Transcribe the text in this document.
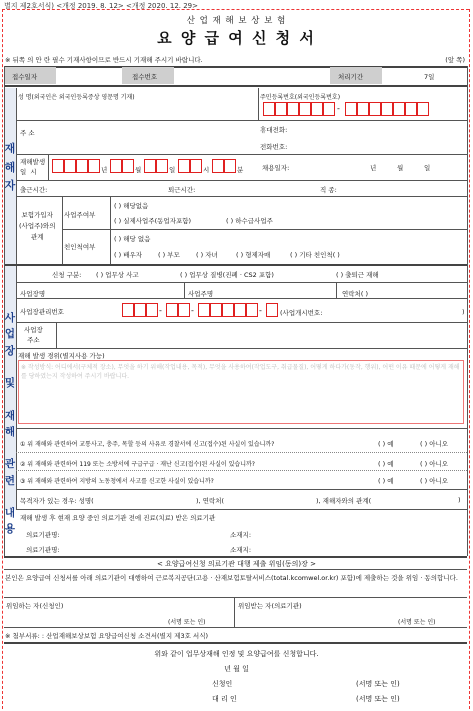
별지 제2호서식) <개정 2019. 8. 12> <개정 2020. 12. 29>
산 업 재 해 보 상 보 험
요 양 급 여 신 청 서
※ 뒤쪽 의 안 란 필수 기재사항이므로 반드시 기재해 주시기 바랍니다.	(앞 쪽)
접수일자	접수번호	처리기간	7일
재
해
자
성 명(외국인은 외국인등록증상 영문명 기재)	주민등록번호(외국인등록번호)
-
주 소	휴대전화:
전화번호:
재해발생
일  시	년	월	일	시	분	채용일자:	년	월	일
출근시간:	퇴근시간:	직 종:
보험가입자
(사업주)와의
관계
사업주여부
( ) 해당없음
( ) 실제사업주(동업자포함)	( ) 하수급사업주
친인척여부
( ) 해당 없음
( ) 배우자 ( ) 부모 ( ) 자녀	( ) 형제자매	( ) 기타 친인척( )
사
업
장

및

재
해

관
련

내
용
신청 구분: ( ) 업무상 사고	( ) 업무상 질병(진폐 · CS2 포함)	( ) 출퇴근 재해
사업장명	사업주명	연락처( )
사업장관리번호	-	-	-	(사업개시번호:	)
사업장
주소
재해 발생 경위(별지사용 가능)
※ 작성방식: 어디에서(구체적 장소), 무엇을 하기 위해(작업내용, 목적), 무엇을 사용하여(작업도구, 취급물질), 어떻게 하다가(동작, 행위), 어떤 이유 때문에 어떻게 재해를 당하였는지 작성하여 주시기 바랍니다.
① 위 재해와 관련하여 교통사고, 충주, 목할 등의 사유로 경찰서에 신고(접수)된 사실이 있습니까?	( ) 예	( ) 아니오
② 위 재해와 관련하여 119 또는 소방서에 구급구급 · 재난 신고(접수)된 사실이 있습니까?	( ) 예	( ) 아니오
③ 위 재해와 관련하여 지방의 노동청에서 사고를 신고한 사실이 있습니까?	( ) 예	( ) 아니오
목격자가 있는 경우: 성명(	), 연락처(	), 재해자와의 관계(	)
재해 발생 후 현재 요양 중인 의료기관 전에 진료(치료) 받은 의료기관
의료기관명:	소재지:
의료기관명:	소재지:
< 요양급여신청 의료기관 대행 제출 위임(동의)장 >
본인은 요양급여 신청서를 아래 의료기관이 대행하여 근로복지공단(고용 · 산재보험토탈서비스(total.kcomwel.or.kr) 포함)에 제출하는 것을 위임 · 동의합니다.
위임하는 자(신청인)	위임받는 자(의료기관)
(서명 또는 인)	(서명 또는 인)
※ 첨부서류: : 산업재해보상보험 요양급여신청 소견서(별지 제3호 서식)
위와 같이 업무상재해 인정 및 요양급여를 신청합니다.
년 월 일
신청인	(서명 또는 인)
대 리 인	(서명 또는 인)
